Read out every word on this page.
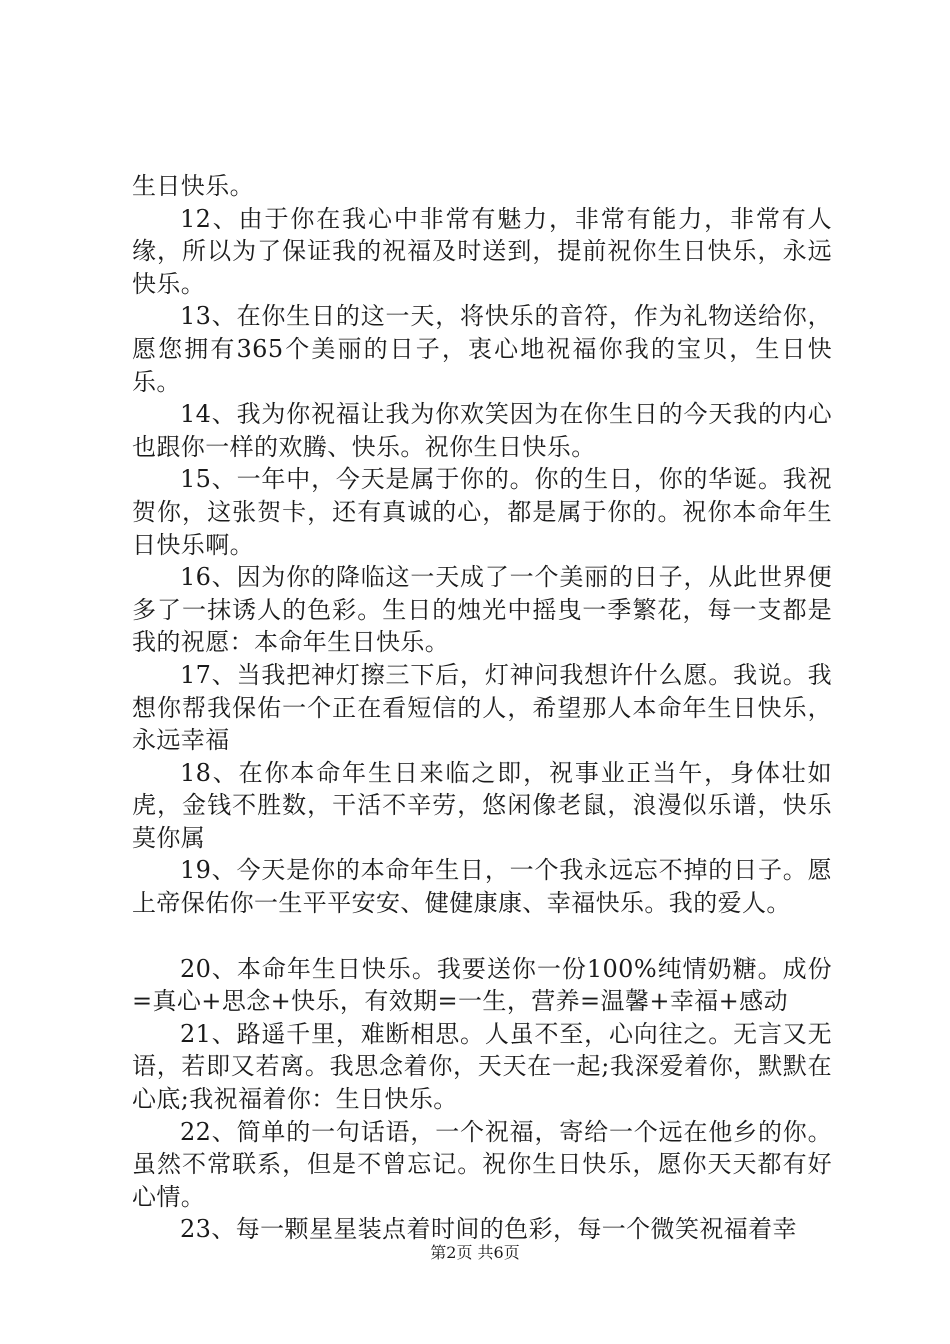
生日快乐。

12、由于你在我心中非常有魅力，非常有能力，非常有人缘，所以为了保证我的祝福及时送到，提前祝你生日快乐，永远快乐。

13、在你生日的这一天，将快乐的音符，作为礼物送给你，愿您拥有365个美丽的日子，衷心地祝福你我的宝贝，生日快乐。

14、我为你祝福让我为你欢笑因为在你生日的今天我的内心也跟你一样的欢腾、快乐。祝你生日快乐。

15、一年中，今天是属于你的。你的生日，你的华诞。我祝贺你，这张贺卡，还有真诚的心，都是属于你的。祝你本命年生日快乐啊。

16、因为你的降临这一天成了一个美丽的日子，从此世界便多了一抹诱人的色彩。生日的烛光中摇曳一季繁花，每一支都是我的祝愿：本命年生日快乐。

17、当我把神灯擦三下后，灯神问我想许什么愿。我说。我想你帮我保佑一个正在看短信的人，希望那人本命年生日快乐，永远幸福

18、在你本命年生日来临之即，祝事业正当午，身体壮如虎，金钱不胜数，干活不辛劳，悠闲像老鼠，浪漫似乐谱，快乐莫你属

19、今天是你的本命年生日，一个我永远忘不掉的日子。愿上帝保佑你一生平平安安、健健康康、幸福快乐。我的爱人。

20、本命年生日快乐。我要送你一份100%纯情奶糖。成份=真心+思念+快乐，有效期=一生，营养=温馨+幸福+感动

21、路遥千里，难断相思。人虽不至，心向往之。无言又无语，若即又若离。我思念着你，天天在一起;我深爱着你，默默在心底;我祝福着你：生日快乐。

22、简单的一句话语，一个祝福，寄给一个远在他乡的你。虽然不常联系，但是不曾忘记。祝你生日快乐，愿你天天都有好心情。

23、每一颗星星装点着时间的色彩，每一个微笑祝福着幸

第2页 共6页
